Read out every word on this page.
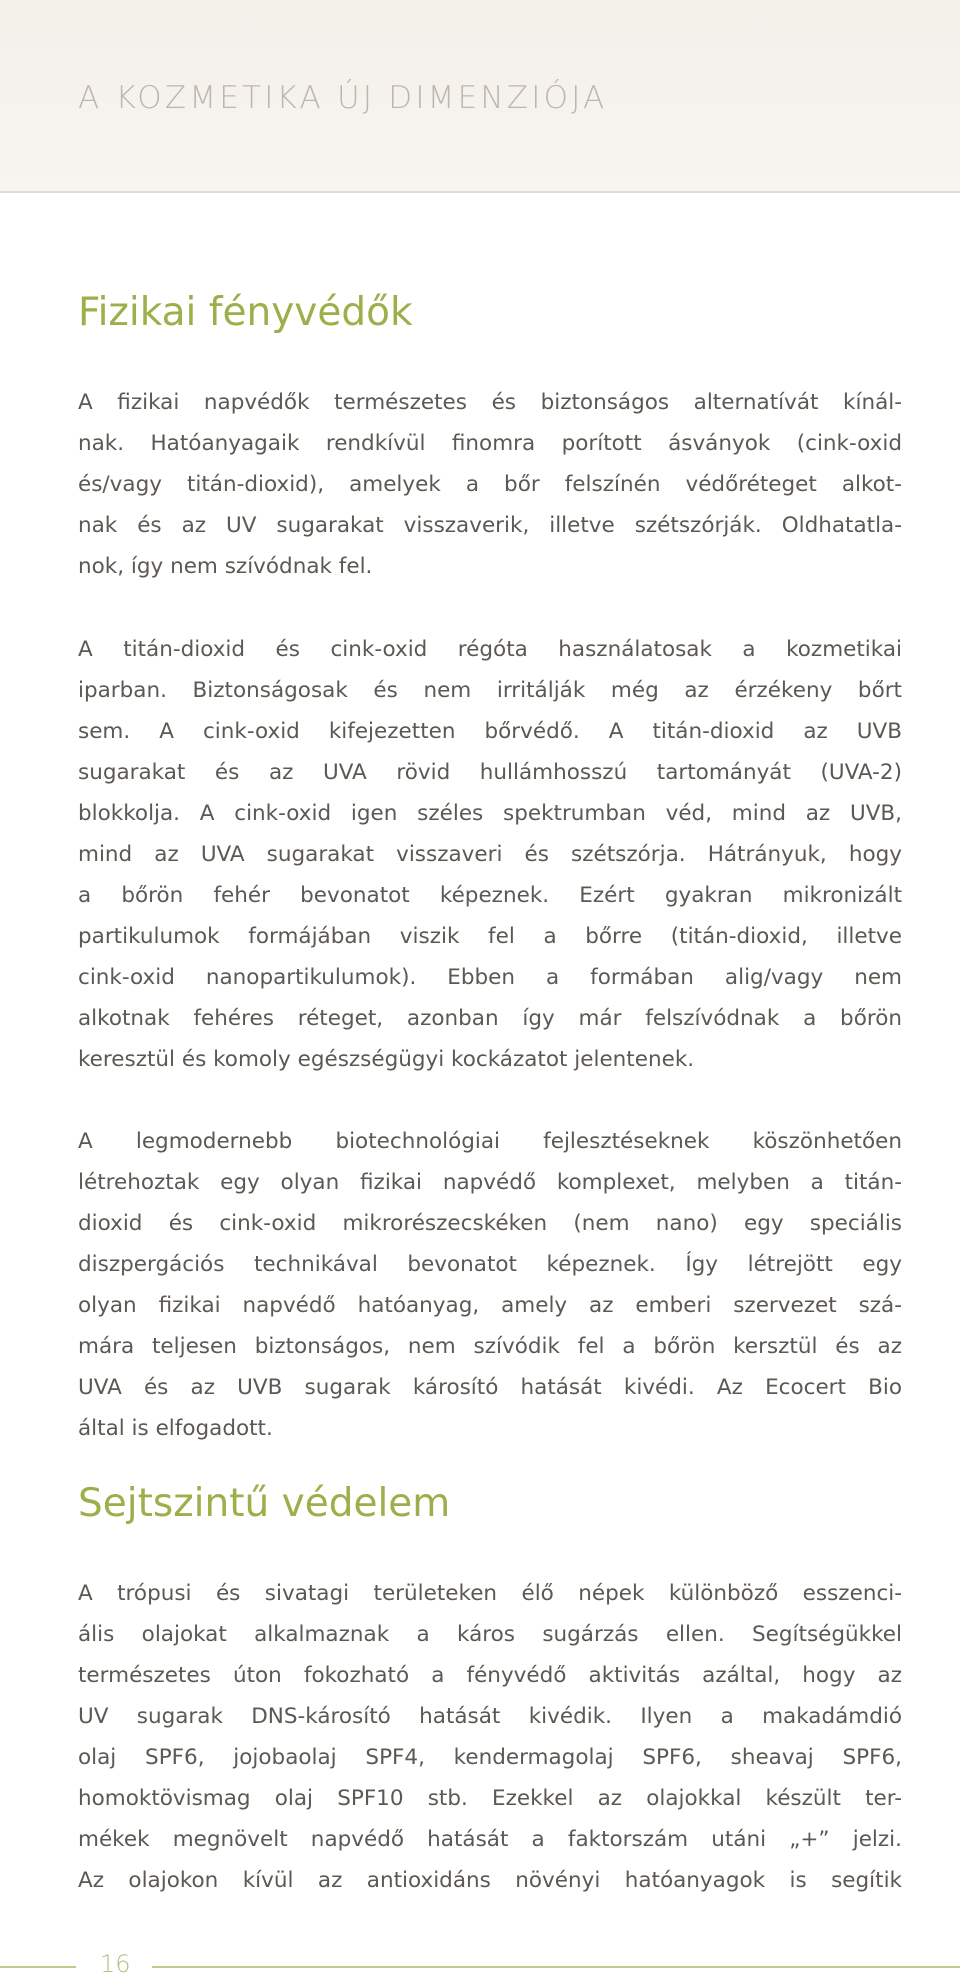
A KOZMETIKA ÚJ DIMENZIÓJA
Fizikai fényvédők
A fizikai napvédők természetes és biztonságos alternatívát kínál-
nak. Hatóanyagaik rendkívül finomra porított ásványok (cink-oxid
és/vagy titán-dioxid), amelyek a bőr felszínén védőréteget alkot-
nak és az UV sugarakat visszaverik, illetve szétszórják. Oldhatatla-
nok, így nem szívódnak fel.
A titán-dioxid és cink-oxid régóta használatosak a kozmetikai
iparban. Biztonságosak és nem irritálják még az érzékeny bőrt
sem. A cink-oxid kifejezetten bőrvédő. A titán-dioxid az UVB
sugarakat és az UVA rövid hullámhosszú tartományát (UVA-2)
blokkolja. A cink-oxid igen széles spektrumban véd, mind az UVB,
mind az UVA sugarakat visszaveri és szétszórja. Hátrányuk, hogy
a bőrön fehér bevonatot képeznek. Ezért gyakran mikronizált
partikulumok formájában viszik fel a bőrre (titán-dioxid, illetve
cink-oxid nanopartikulumok). Ebben a formában alig/vagy nem
alkotnak fehéres réteget, azonban így már felszívódnak a bőrön
keresztül és komoly egészségügyi kockázatot jelentenek.
A legmodernebb biotechnológiai fejlesztéseknek köszönhetően
létrehoztak egy olyan fizikai napvédő komplexet, melyben a titán-
dioxid és cink-oxid mikrorészecskéken (nem nano) egy speciális
diszpergációs technikával bevonatot képeznek. Így létrejött egy
olyan fizikai napvédő hatóanyag, amely az emberi szervezet szá-
mára teljesen biztonságos, nem szívódik fel a bőrön kersztül és az
UVA és az UVB sugarak károsító hatását kivédi. Az Ecocert Bio
által is elfogadott.
Sejtszintű védelem
A trópusi és sivatagi területeken élő népek különböző esszenci-
ális olajokat alkalmaznak a káros sugárzás ellen. Segítségükkel
természetes úton fokozható a fényvédő aktivitás azáltal, hogy az
UV sugarak DNS-károsító hatását kivédik. Ilyen a makadámdió
olaj SPF6, jojobaolaj SPF4, kendermagolaj SPF6, sheavaj SPF6,
homoktövismag olaj SPF10 stb. Ezekkel az olajokkal készült ter-
mékek megnövelt napvédő hatását a faktorszám utáni „+” jelzi.
Az olajokon kívül az antioxidáns növényi hatóanyagok is segítik
16
